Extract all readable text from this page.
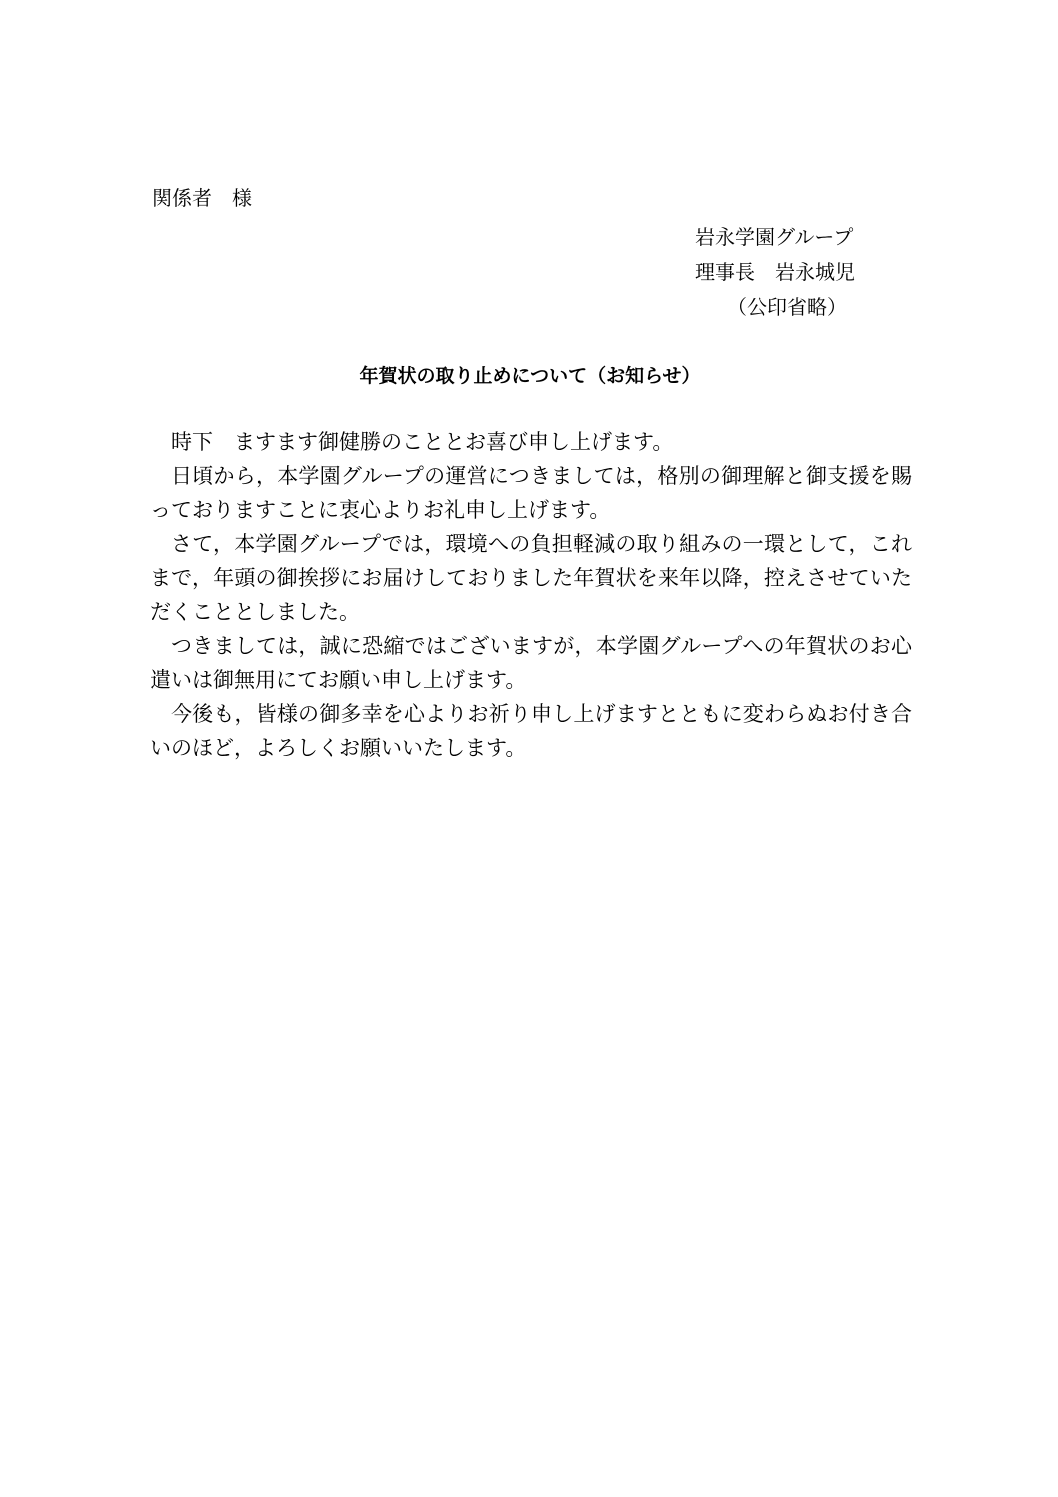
関係者　様
岩永学園グループ
理事長　岩永城児
（公印省略）
年賀状の取り止めについて（お知らせ）

時下　ますます御健勝のこととお喜び申し上げます。

日頃から，本学園グループの運営につきましては，格別の御理解と御支援を賜っておりますことに衷心よりお礼申し上げます。

さて，本学園グループでは，環境への負担軽減の取り組みの一環として，これまで，年頭の御挨拶にお届けしておりました年賀状を来年以降，控えさせていただくこととしました。

つきましては，誠に恐縮ではございますが，本学園グループへの年賀状のお心遣いは御無用にてお願い申し上げます。

今後も，皆様の御多幸を心よりお祈り申し上げますとともに変わらぬお付き合いのほど，よろしくお願いいたします。
